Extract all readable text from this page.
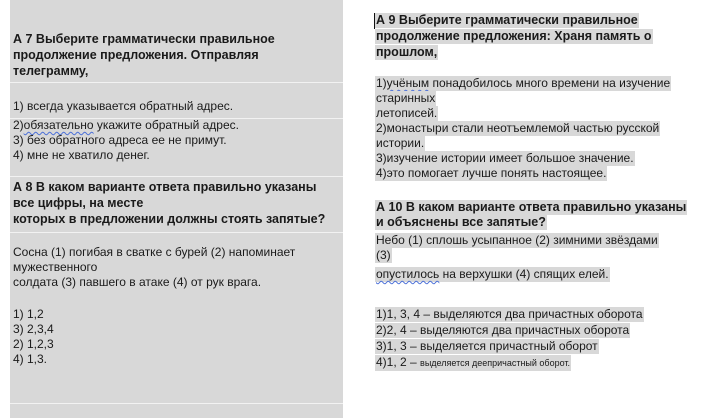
А 7 Выберите грамматически правильное

продолжение предложения. Отправляя

телеграмму,

1) всегда указывается обратный адрес.

2)обязательно укажите обратный адрес.

3) без обратного адреса ее не примут.

4) мне не хватило денег.

А 8 В каком варианте ответа правильно указаны

все цифры, на месте

которых в предложении должны стоять запятые?

Сосна (1) погибая в сватке с бурей (2) напоминает

мужественного

солдата (3) павшего в атаке (4) от рук врага.

1) 1,2

3) 2,3,4

2) 1,2,3

4) 1,3.

А 9 Выберите грамматически правильное

продолжение предложения: Храня память о

прошлом,

1)учёным понадобилось много времени на изучение

старинных

летописей.

2)монастыри стали неотъемлемой частью русской

истории.

3)изучение истории имеет большое значение.

4)это помогает лучше понять настоящее.

А 10 В каком варианте ответа правильно указаны

и объяснены все запятые?

Небо (1) сплошь усыпанное (2) зимними звёздами

(3)

опустилось на верхушки (4) спящих елей.

1)1, 3, 4 – выделяются два причастных оборота

2)2, 4 – выделяются два причастных оборота

3)1, 3 – выделяется причастный оборот

4)1, 2 – выделяется деепричастный оборот.
